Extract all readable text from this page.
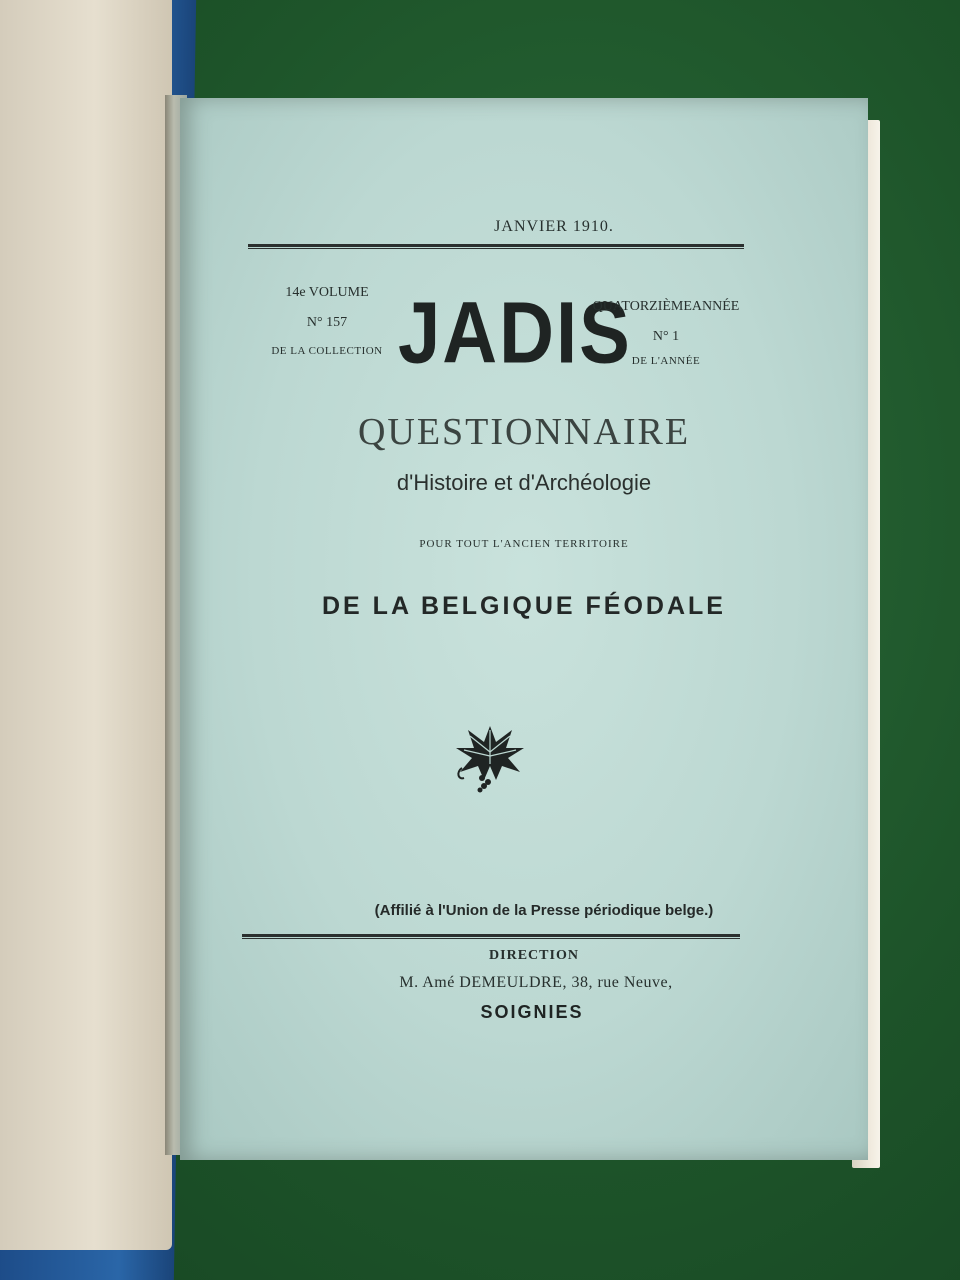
JANVIER 1910.
14e VOLUME
N° 157
DE LA COLLECTION JADIS
QUATORZIÈMEANNÉE
N° 1
DE L'ANNÉE
QUESTIONNAIRE
d'Histoire et d'Archéologie
POUR TOUT L'ANCIEN TERRITOIRE
DE LA BELGIQUE FÉODALE
(Affilié à l'Union de la Presse périodique belge.)
DIRECTION
M. Amé DEMEULDRE, 38, rue Neuve,
SOIGNIES
